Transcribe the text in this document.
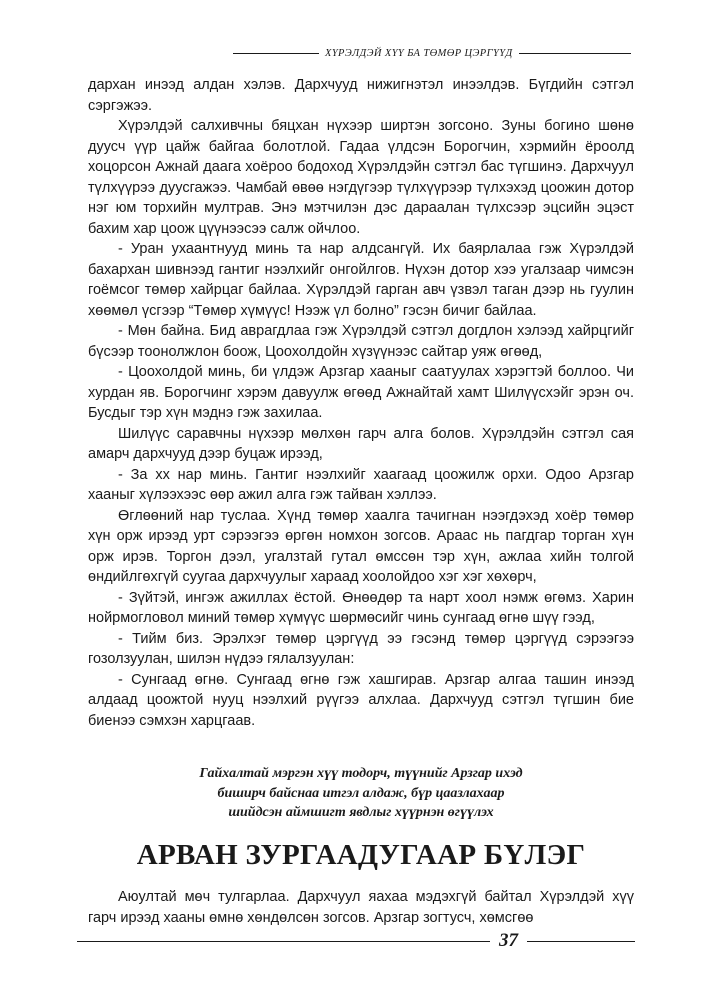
ХҮРЭЛДЭЙ ХҮҮ БА ТӨМӨР ЦЭРГҮҮД

дархан инээд алдан хэлэв. Дархчууд нижигнэтэл инээлдэв. Бүгдийн сэтгэл сэргэжээ.

Хүрэлдэй салхивчны бяцхан нүхээр ширтэн зогсоно. Зуны богино шөнө дуусч үүр цайж байгаа болотлой. Гадаа үлдсэн Борогчин, хэрмийн ёроолд хоцорсон Ажнай даага хоёроо бодоход Хүрэлдэйн сэтгэл бас түгшинэ. Дархчуул түлхүүрээ дуусгажээ. Чамбай өвөө нэгдүгээр түлхүүрээр түлхэхэд цоожин дотор нэг юм торхийн мултрав. Энэ мэтчилэн дэс дараалан түлхсээр эцсийн эцэст бахим хар цоож цүүнээсээ салж ойчлоо.

- Уран ухаантнууд минь та нар алдсангүй. Их баярлалаа гэж Хүрэлдэй бахархан шивнээд гантиг нээлхийг онгойлгов. Нүхэн дотор хээ угалзаар чимсэн гоёмсог төмөр хайрцаг байлаа. Хүрэлдэй гарган авч үзвэл таган дээр нь гуулин хөөмөл үсгээр “Төмөр хүмүүс! Нээж үл болно” гэсэн бичиг байлаа.

- Мөн байна. Бид аврагдлаа гэж Хүрэлдэй сэтгэл догдлон хэлээд хайрцгийг бүсээр тоонолжлон боож, Цоохолдойн хүзүүнээс сайтар уяж өгөөд,

- Цоохолдой минь, би үлдэж Арзгар хааныг саатуулах хэрэгтэй боллоо. Чи хурдан яв. Борогчинг хэрэм давуулж өгөөд Ажнайтай хамт Шилүүсхэйг эрэн оч. Бусдыг тэр хүн мэднэ гэж захилаа.

Шилүүс саравчны нүхээр мөлхөн гарч алга болов. Хүрэлдэйн сэтгэл сая амарч дархчууд дээр буцаж ирээд,

- За хх нар минь. Гантиг нээлхийг хаагаад цоожилж орхи. Одоо Арзгар хааныг хүлээхээс өөр ажил алга гэж тайван хэллээ.

Өглөөний нар туслаа. Хүнд төмөр хаалга тачигнан нээгдэхэд хоёр төмөр хүн орж ирээд урт сэрээгээ өргөн номхон зогсов. Араас нь пагдгар торган хүн орж ирэв. Торгон дээл, угалзтай гутал өмссөн тэр хүн, ажлаа хийн толгой өндийлгөхгүй суугаа дархчуулыг хараад хоолойдоо хэг хэг хөхөрч,

- Зүйтэй, ингэж ажиллах ёстой. Өнөөдөр та нарт хоол нэмж өгөмз. Харин нойрмогловол миний төмөр хүмүүс шөрмөсийг чинь сунгаад өгнө шүү гээд,

- Тийм биз. Эрэлхэг төмөр цэргүүд ээ гэсэнд төмөр цэргүүд сэрээгээ гозолзуулан, шилэн нүдээ гялалзуулан:

- Сунгаад өгнө. Сунгаад өгнө гэж хашгирав. Арзгар алгаа ташин инээд алдаад цоожтой нууц нээлхий рүүгээ алхлаа. Дархчууд сэтгэл түгшин бие биенээ сэмхэн харцгаав.

Гайхалтай мэргэн хүү тодорч, түүнийг Арзгар ихэд
биширч байснаа итгэл алдаж, бүр цаазлахаар
шийдсэн аймшигт явдлыг хүүрнэн өгүүлэх
АРВАН ЗУРГААДУГААР БҮЛЭГ

Аюултай мөч тулгарлаа. Дархчуул яахаа мэдэхгүй байтал Хүрэлдэй хүү гарч ирээд хааны өмнө хөндөлсөн зогсов. Арзгар зогтусч, хөмсгөө

37
